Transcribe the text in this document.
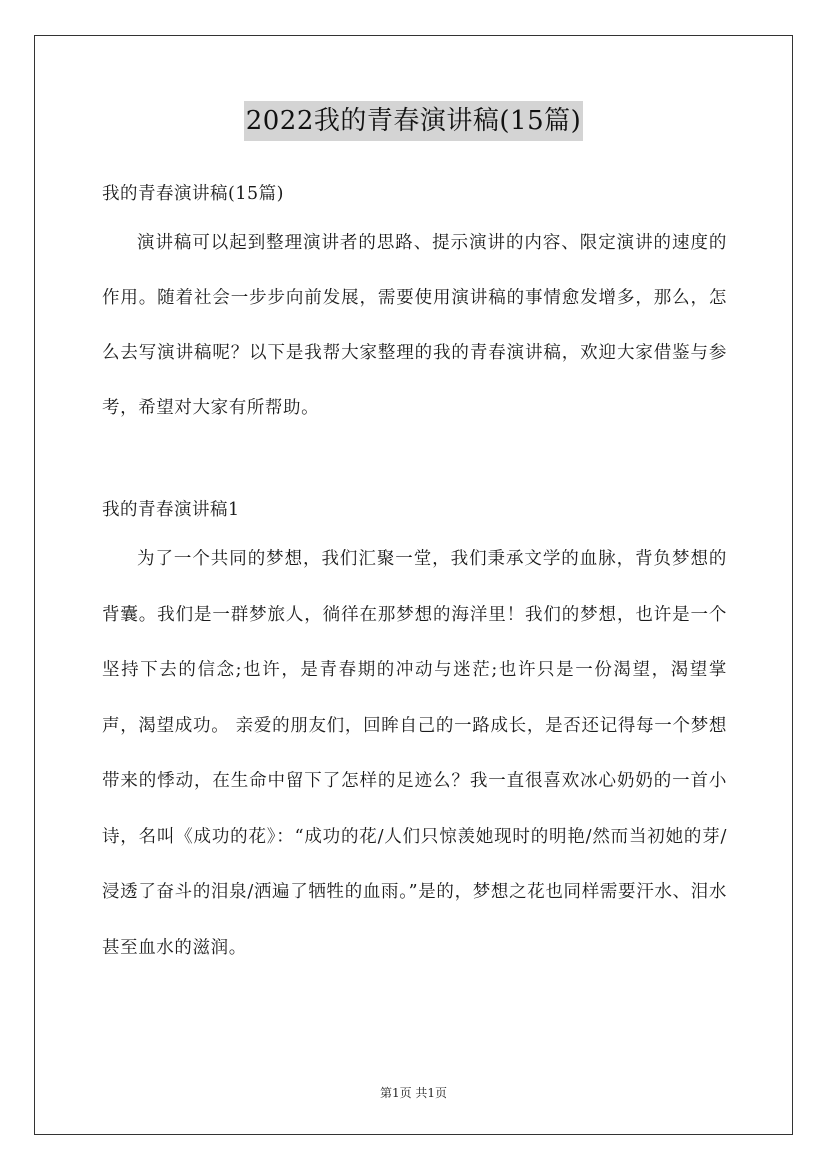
2022我的青春演讲稿(15篇)

我的青春演讲稿(15篇)

演讲稿可以起到整理演讲者的思路、提示演讲的内容、限定演讲的速度的作用。随着社会一步步向前发展，需要使用演讲稿的事情愈发增多，那么，怎么去写演讲稿呢？以下是我帮大家整理的我的青春演讲稿，欢迎大家借鉴与参考，希望对大家有所帮助。

我的青春演讲稿1

为了一个共同的梦想，我们汇聚一堂，我们秉承文学的血脉，背负梦想的背囊。我们是一群梦旅人，徜徉在那梦想的海洋里！我们的梦想，也许是一个坚持下去的信念;也许，是青春期的冲动与迷茫;也许只是一份渴望，渴望掌声，渴望成功。 亲爱的朋友们，回眸自己的一路成长，是否还记得每一个梦想带来的悸动，在生命中留下了怎样的足迹么？我一直很喜欢冰心奶奶的一首小诗，名叫《成功的花》：“成功的花/人们只惊羡她现时的明艳/然而当初她的芽/浸透了奋斗的泪泉/洒遍了牺牲的血雨。”是的，梦想之花也同样需要汗水、泪水甚至血水的滋润。

第1页 共1页
